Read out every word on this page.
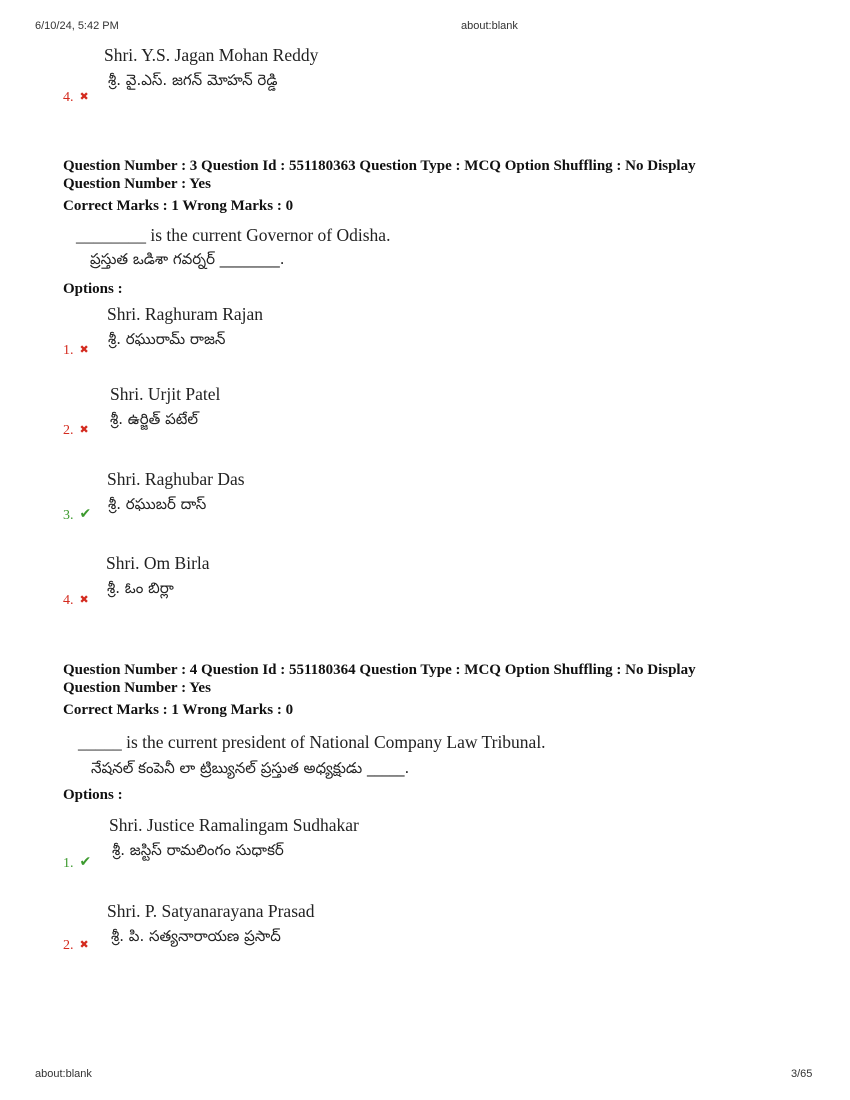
6/10/24, 5:42 PM	about:blank
Shri. Y.S. Jagan Mohan Reddy
శ్రీ. వై.ఎస్. జగన్ మోహన్ రెడ్డి
4. ✖
Question Number : 3 Question Id : 551180363 Question Type : MCQ Option Shuffling : No Display
Question Number : Yes
Correct Marks : 1 Wrong Marks : 0
________ is the current Governor of Odisha.
ప్రస్తుత ఒడిశా గవర్నర్ ________.
Options :
Shri. Raghuram Rajan
శ్రీ. రఘురామ్ రాజన్
1. ✖
Shri. Urjit Patel
శ్రీ. ఉర్జిత్ పటేల్
2. ✖
Shri. Raghubar Das
శ్రీ. రఘుబర్ దాస్
3. ✔
Shri. Om Birla
శ్రీ. ఓం బిర్లా
4. ✖
Question Number : 4 Question Id : 551180364 Question Type : MCQ Option Shuffling : No Display
Question Number : Yes
Correct Marks : 1 Wrong Marks : 0
_____ is the current president of National Company Law Tribunal.
నేషనల్ కంపెనీ లా ట్రిబ్యునల్ ప్రస్తుత అధ్యక్షుడు _____.
Options :
Shri. Justice Ramalingam Sudhakar
శ్రీ. జస్టిస్ రామలింగం సుధాకర్
1. ✔
Shri. P. Satyanarayana Prasad
శ్రీ. పి. సత్యనారాయణ ప్రసాద్
2. ✖
about:blank	3/65
